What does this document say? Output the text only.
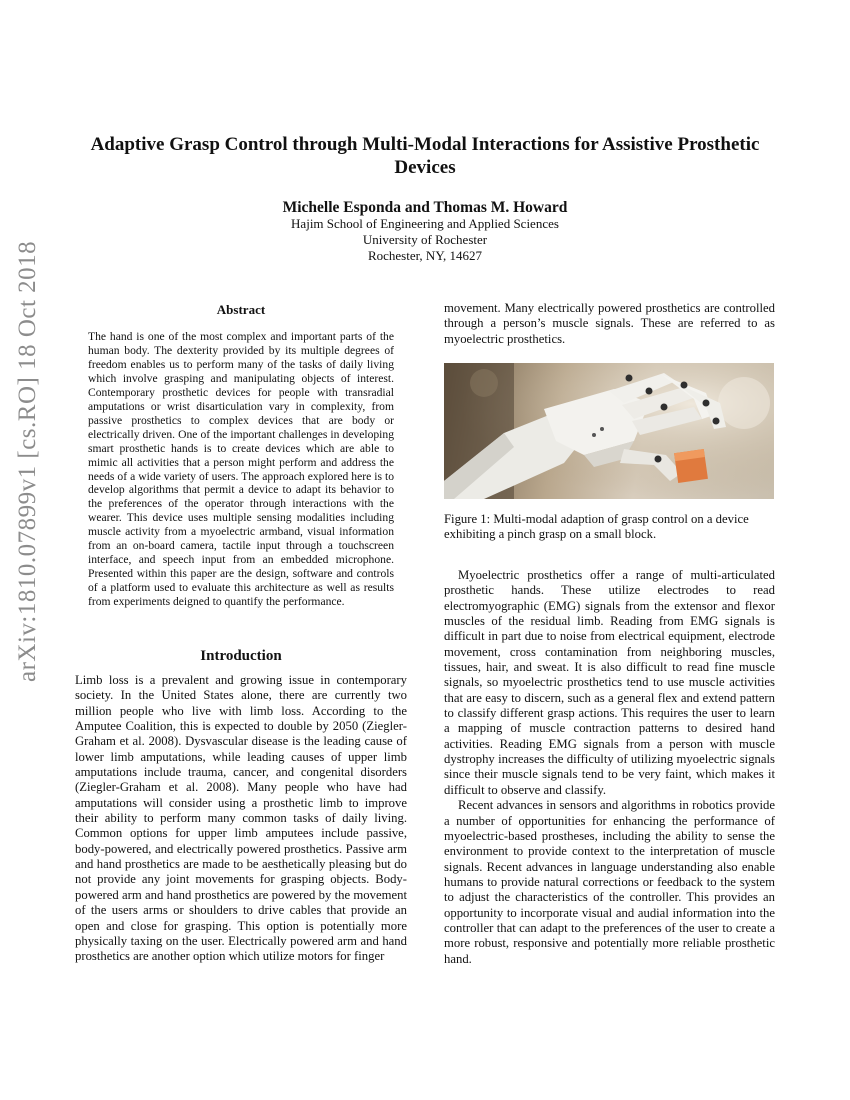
arXiv:1810.07899v1 [cs.RO] 18 Oct 2018
Adaptive Grasp Control through Multi-Modal Interactions for Assistive Prosthetic Devices
Michelle Esponda and Thomas M. Howard
Hajim School of Engineering and Applied Sciences
University of Rochester
Rochester, NY, 14627
Abstract

The hand is one of the most complex and important parts of the human body. The dexterity provided by its multiple degrees of freedom enables us to perform many of the tasks of daily living which involve grasping and manipulating objects of interest. Contemporary prosthetic devices for people with transradial amputations or wrist disarticulation vary in complexity, from passive prosthetics to complex devices that are body or electrically driven. One of the important challenges in developing smart prosthetic hands is to create devices which are able to mimic all activities that a person might perform and address the needs of a wide variety of users. The approach explored here is to develop algorithms that permit a device to adapt its behavior to the preferences of the operator through interactions with the wearer. This device uses multiple sensing modalities including muscle activity from a myoelectric armband, visual information from an on-board camera, tactile input through a touchscreen interface, and speech input from an embedded microphone. Presented within this paper are the design, software and controls of a platform used to evaluate this architecture as well as results from experiments deigned to quantify the performance.

Introduction

Limb loss is a prevalent and growing issue in contemporary society. In the United States alone, there are currently two million people who live with limb loss. According to the Amputee Coalition, this is expected to double by 2050 (Ziegler-Graham et al. 2008). Dysvascular disease is the leading cause of lower limb amputations, while leading causes of upper limb amputations include trauma, cancer, and congenital disorders (Ziegler-Graham et al. 2008). Many people who have had amputations will consider using a prosthetic limb to improve their ability to perform many common tasks of daily living. Common options for upper limb amputees include passive, body-powered, and electrically powered prosthetics. Passive arm and hand prosthetics are made to be aesthetically pleasing but do not provide any joint movements for grasping objects. Body-powered arm and hand prosthetics are powered by the movement of the users arms or shoulders to drive cables that provide an open and close for grasping. This option is potentially more physically taxing on the user. Electrically powered arm and hand prosthetics are another option which utilize motors for finger

movement. Many electrically powered prosthetics are controlled through a person’s muscle signals. These are referred to as myoelectric prosthetics.

Figure 1: Multi-modal adaption of grasp control on a device exhibiting a pinch grasp on a small block.

Myoelectric prosthetics offer a range of multi-articulated prosthetic hands. These utilize electrodes to read electromyographic (EMG) signals from the extensor and flexor muscles of the residual limb. Reading from EMG signals is difficult in part due to noise from electrical equipment, electrode movement, cross contamination from neighboring muscles, tissues, hair, and sweat. It is also difficult to read fine muscle signals, so myoelectric prosthetics tend to use muscle activities that are easy to discern, such as a general flex and extend pattern to classify different grasp actions. This requires the user to learn a mapping of muscle contraction patterns to desired hand activities. Reading EMG signals from a person with muscle dystrophy increases the difficulty of utilizing myoelectric signals since their muscle signals tend to be very faint, which makes it difficult to observe and classify.

Recent advances in sensors and algorithms in robotics provide a number of opportunities for enhancing the performance of myoelectric-based prostheses, including the ability to sense the environment to provide context to the interpretation of muscle signals. Recent advances in language understanding also enable humans to provide natural corrections or feedback to the system to adjust the characteristics of the controller. This provides an opportunity to incorporate visual and audial information into the controller that can adapt to the preferences of the user to create a more robust, responsive and potentially more reliable prosthetic hand.
